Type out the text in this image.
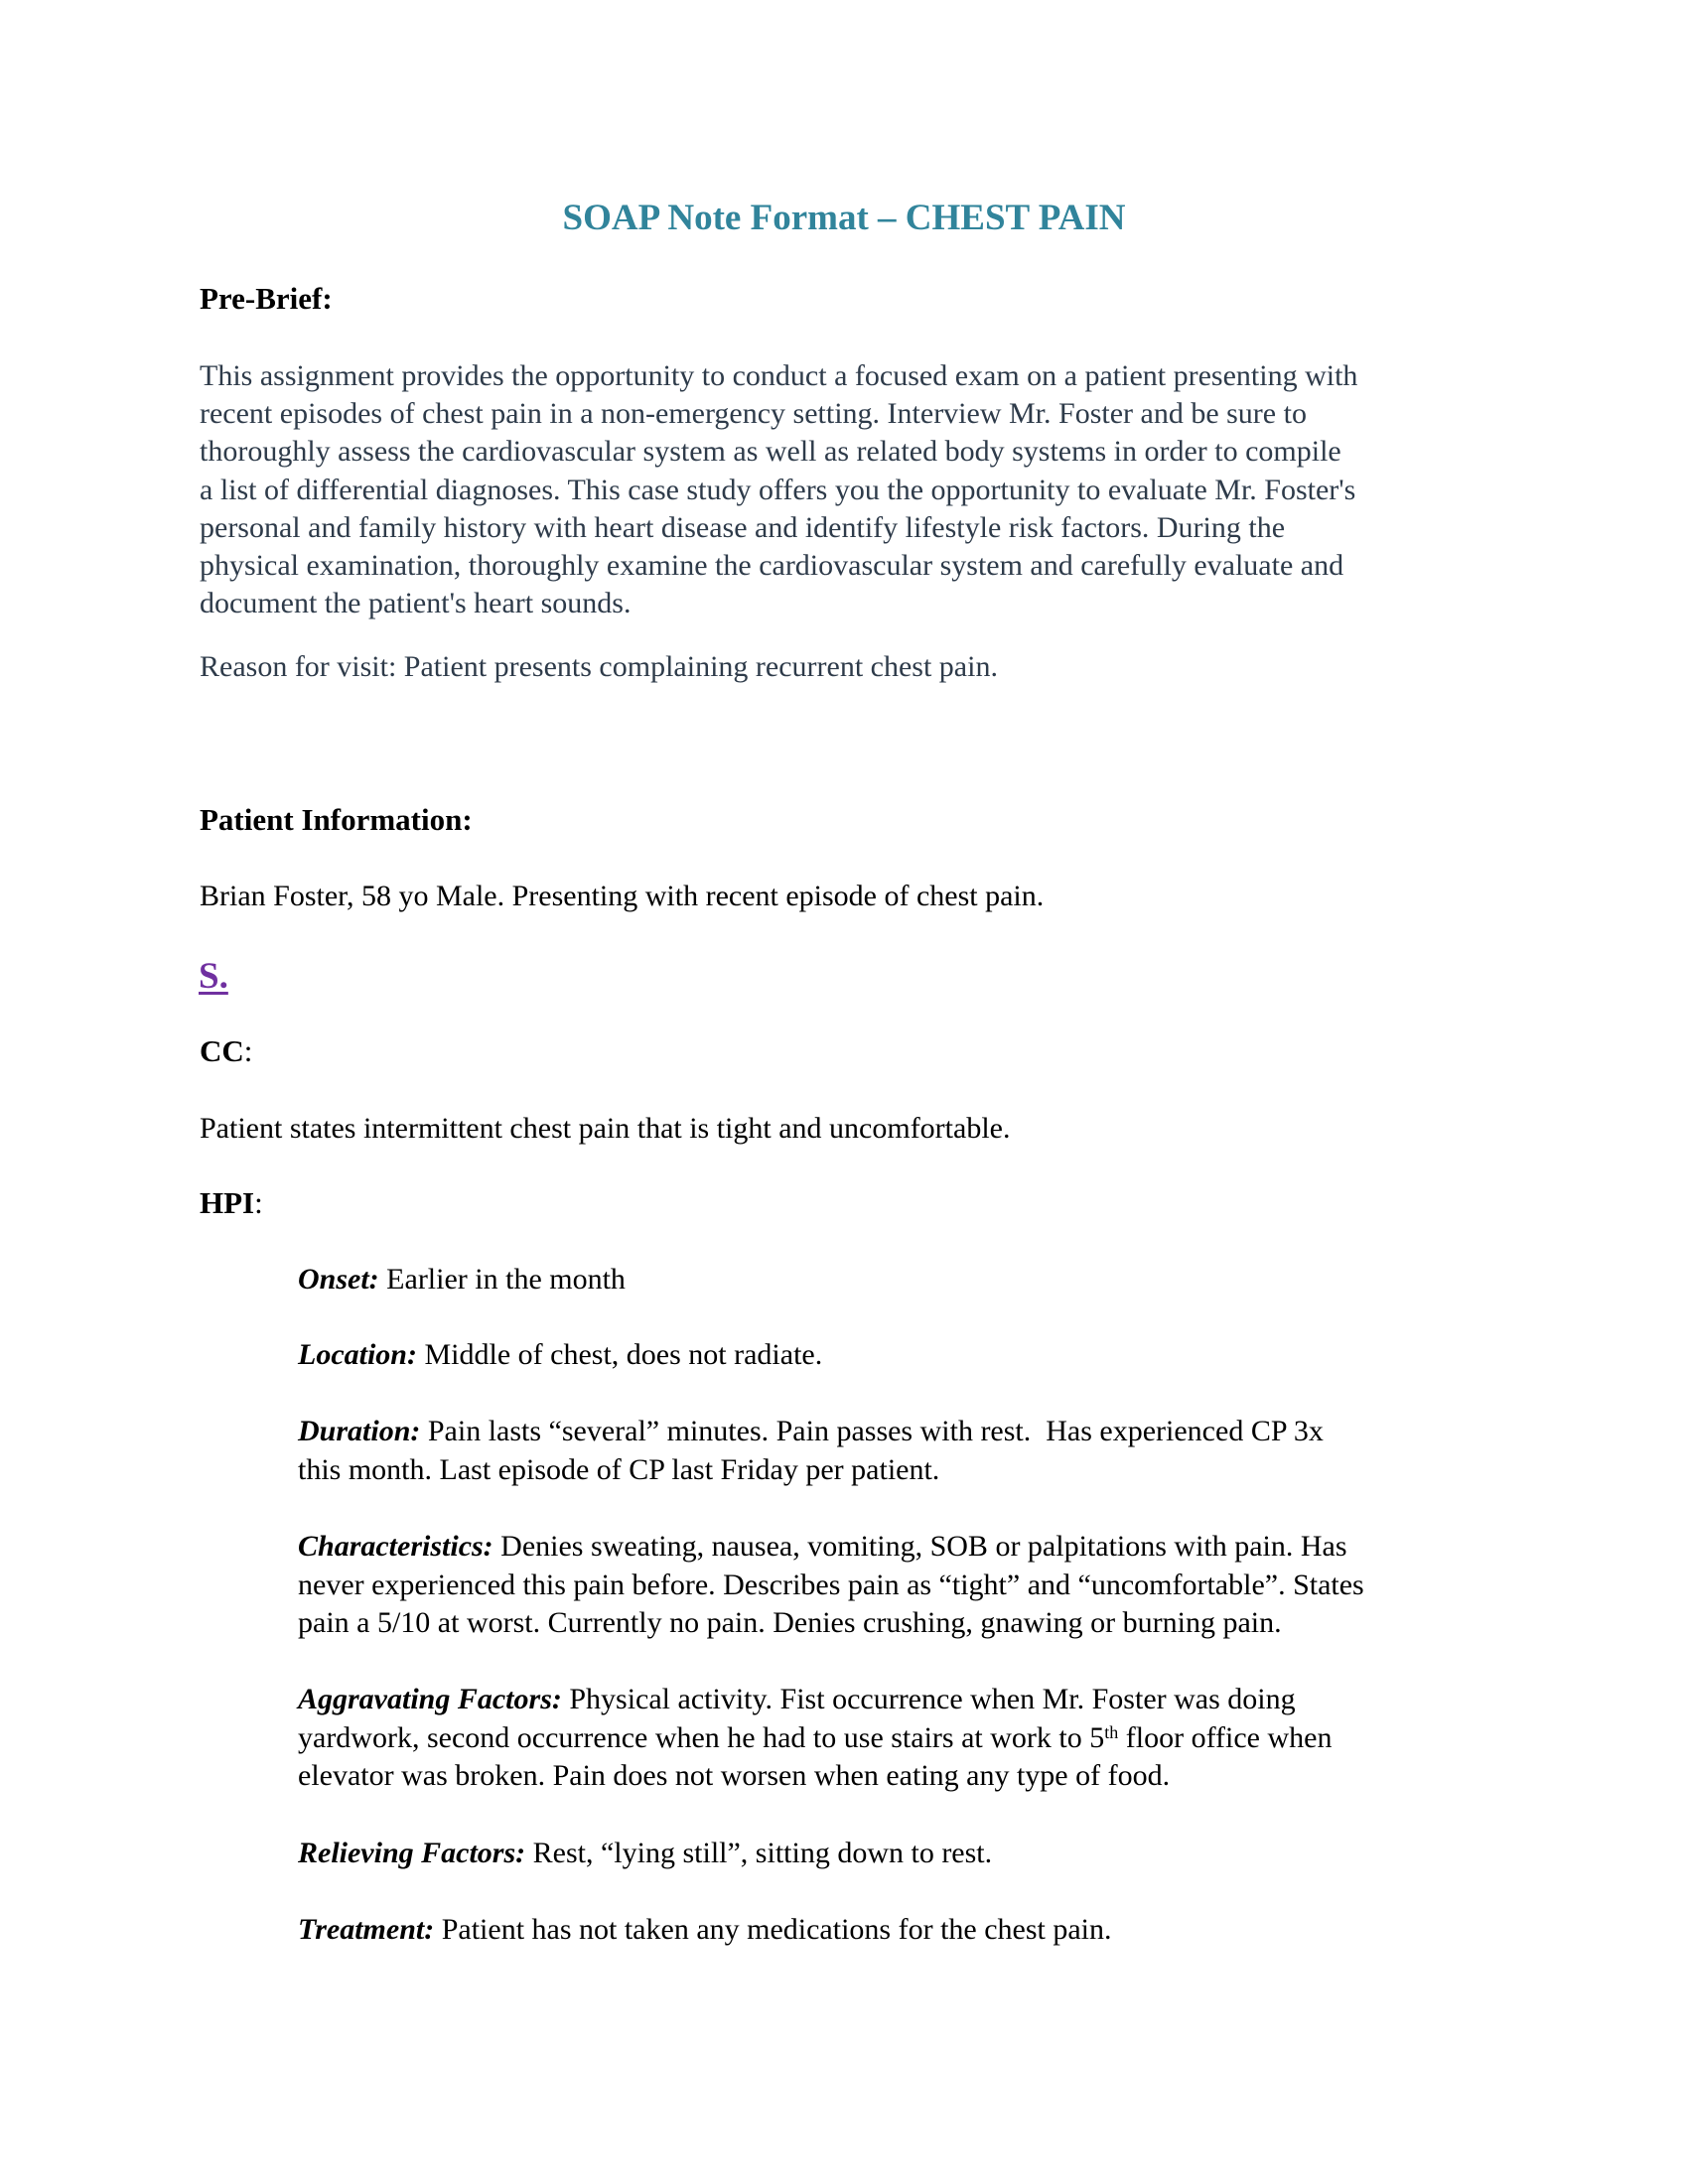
SOAP Note Format – CHEST PAIN
Pre-Brief:
This assignment provides the opportunity to conduct a focused exam on a patient presenting with
recent episodes of chest pain in a non-emergency setting. Interview Mr. Foster and be sure to
thoroughly assess the cardiovascular system as well as related body systems in order to compile
a list of differential diagnoses. This case study offers you the opportunity to evaluate Mr. Foster's
personal and family history with heart disease and identify lifestyle risk factors. During the
physical examination, thoroughly examine the cardiovascular system and carefully evaluate and
document the patient's heart sounds.
Reason for visit: Patient presents complaining recurrent chest pain.
Patient Information:
Brian Foster, 58 yo Male. Presenting with recent episode of chest pain.
S.
CC:
Patient states intermittent chest pain that is tight and uncomfortable.
HPI:
Onset: Earlier in the month
Location: Middle of chest, does not radiate.
Duration: Pain lasts “several” minutes. Pain passes with rest.  Has experienced CP 3x
this month. Last episode of CP last Friday per patient.
Characteristics: Denies sweating, nausea, vomiting, SOB or palpitations with pain. Has
never experienced this pain before. Describes pain as “tight” and “uncomfortable”. States
pain a 5/10 at worst. Currently no pain. Denies crushing, gnawing or burning pain.
Aggravating Factors: Physical activity. Fist occurrence when Mr. Foster was doing
yardwork, second occurrence when he had to use stairs at work to 5th floor office when
elevator was broken. Pain does not worsen when eating any type of food.
Relieving Factors: Rest, “lying still”, sitting down to rest.
Treatment: Patient has not taken any medications for the chest pain.
